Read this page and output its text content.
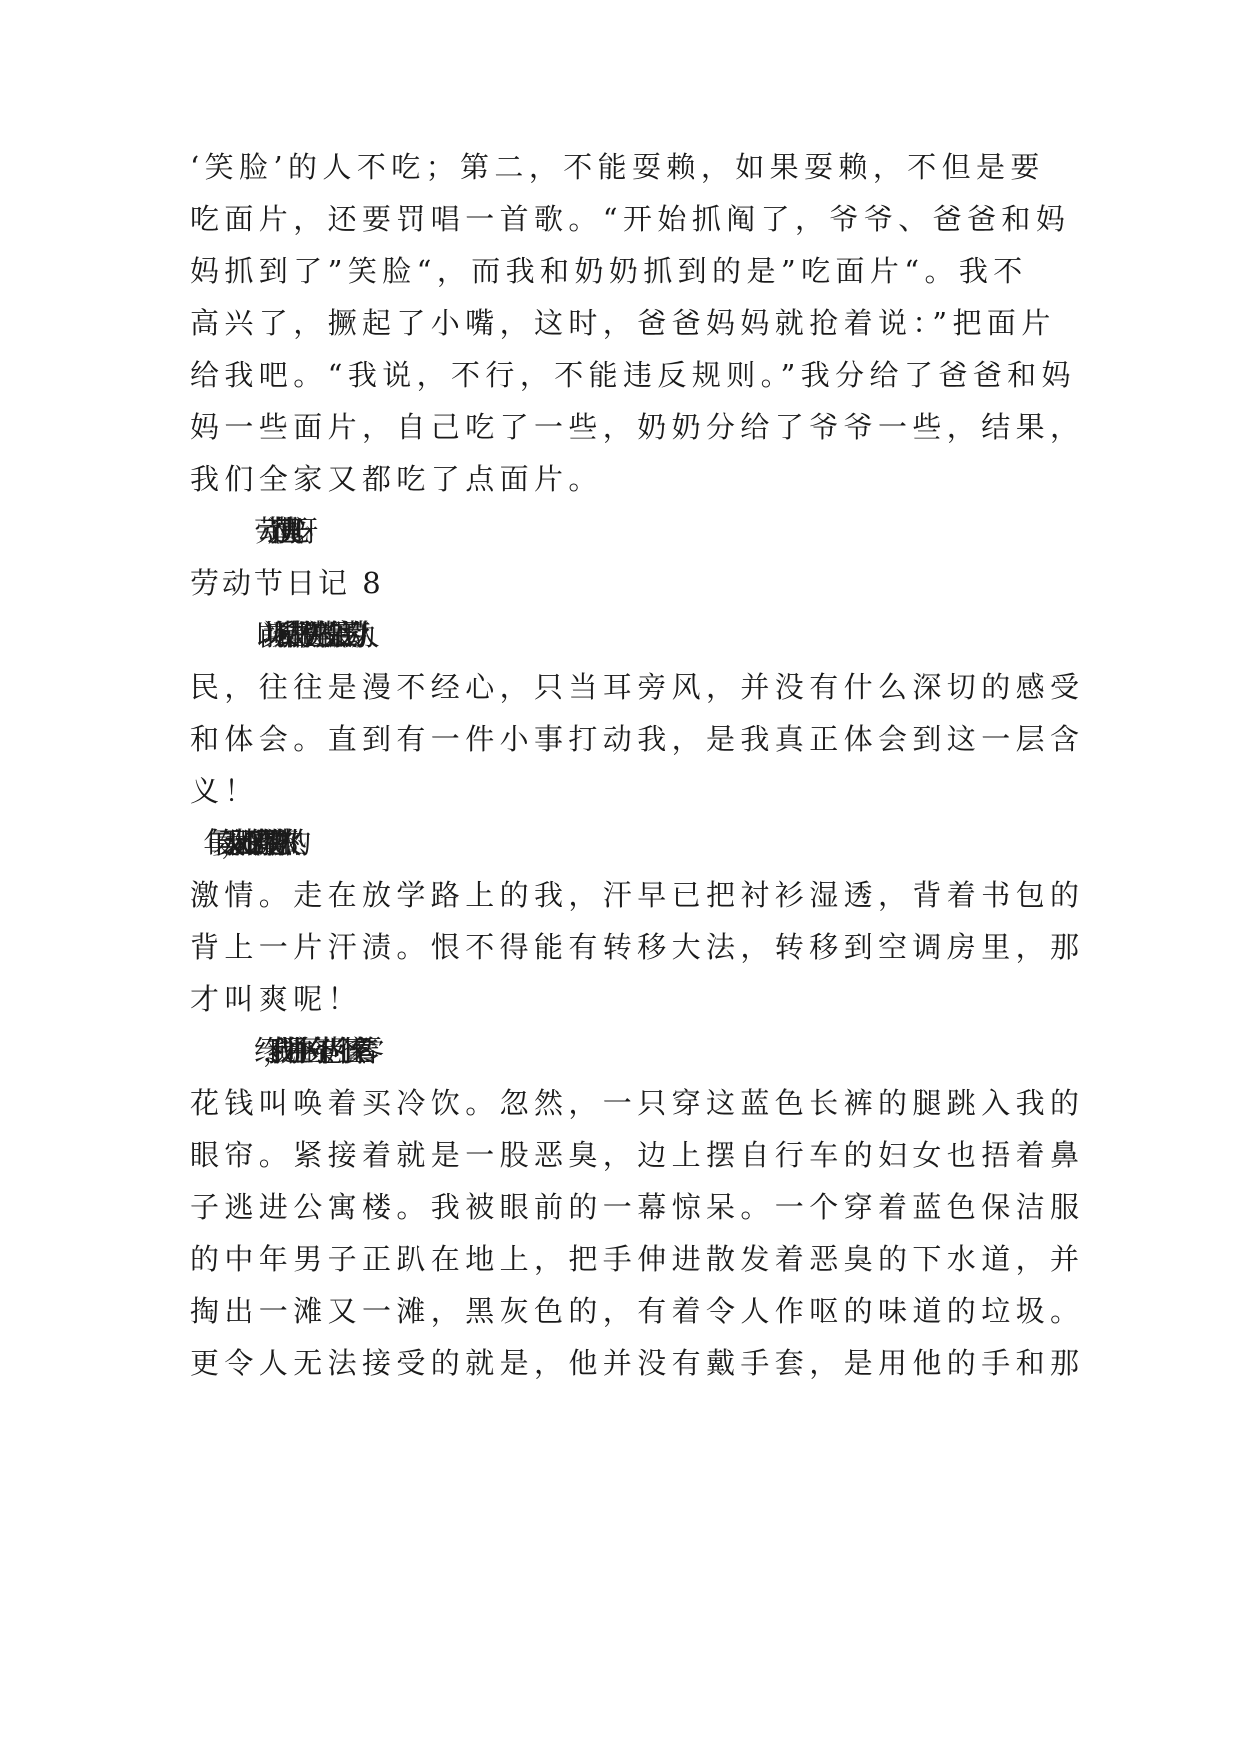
‘笑脸’的人不吃；第二，不能耍赖，如果耍赖，不但是要
吃面片，还要罚唱一首歌。“开始抓阄了，爷爷、爸爸和妈
妈抓到了”笑脸“，而我和奶奶抓到的是”吃面片“。我不
高兴了，撅起了小嘴，这时，爸爸妈妈就抢着说：”把面片
给我吧。“我说，不行，不能违反规则。”我分给了爸爸和妈
妈一些面片，自己吃了一些，奶奶分给了爷爷一些，结果，
我们全家又都吃了点面片。
劳动节过得真开心呀。
劳动节日记 8
以前场听长辈或书报上赞美那些社会最底层的劳动人
民，往往是漫不经心，只当耳旁风，并没有什么深切的感受
和体会。直到有一件小事打动我，是我真正体会到这一层含
义！
那是 20xx 年的夏天，太阳正尽情的释放着它那火热的
激情。走在放学路上的我，汗早已把衬衫湿透，背着书包的
背上一片汗渍。恨不得能有转移大法，转移到空调房里，那
才叫爽呢！
终于，我拐进通往小区的一条小巷。几个小孩正拿着零
花钱叫唤着买冷饮。忽然，一只穿这蓝色长裤的腿跳入我的
眼帘。紧接着就是一股恶臭，边上摆自行车的妇女也捂着鼻
子逃进公寓楼。我被眼前的一幕惊呆。一个穿着蓝色保洁服
的中年男子正趴在地上，把手伸进散发着恶臭的下水道，并
掏出一滩又一滩，黑灰色的，有着令人作呕的味道的垃圾。
更令人无法接受的就是，他并没有戴手套，是用他的手和那
